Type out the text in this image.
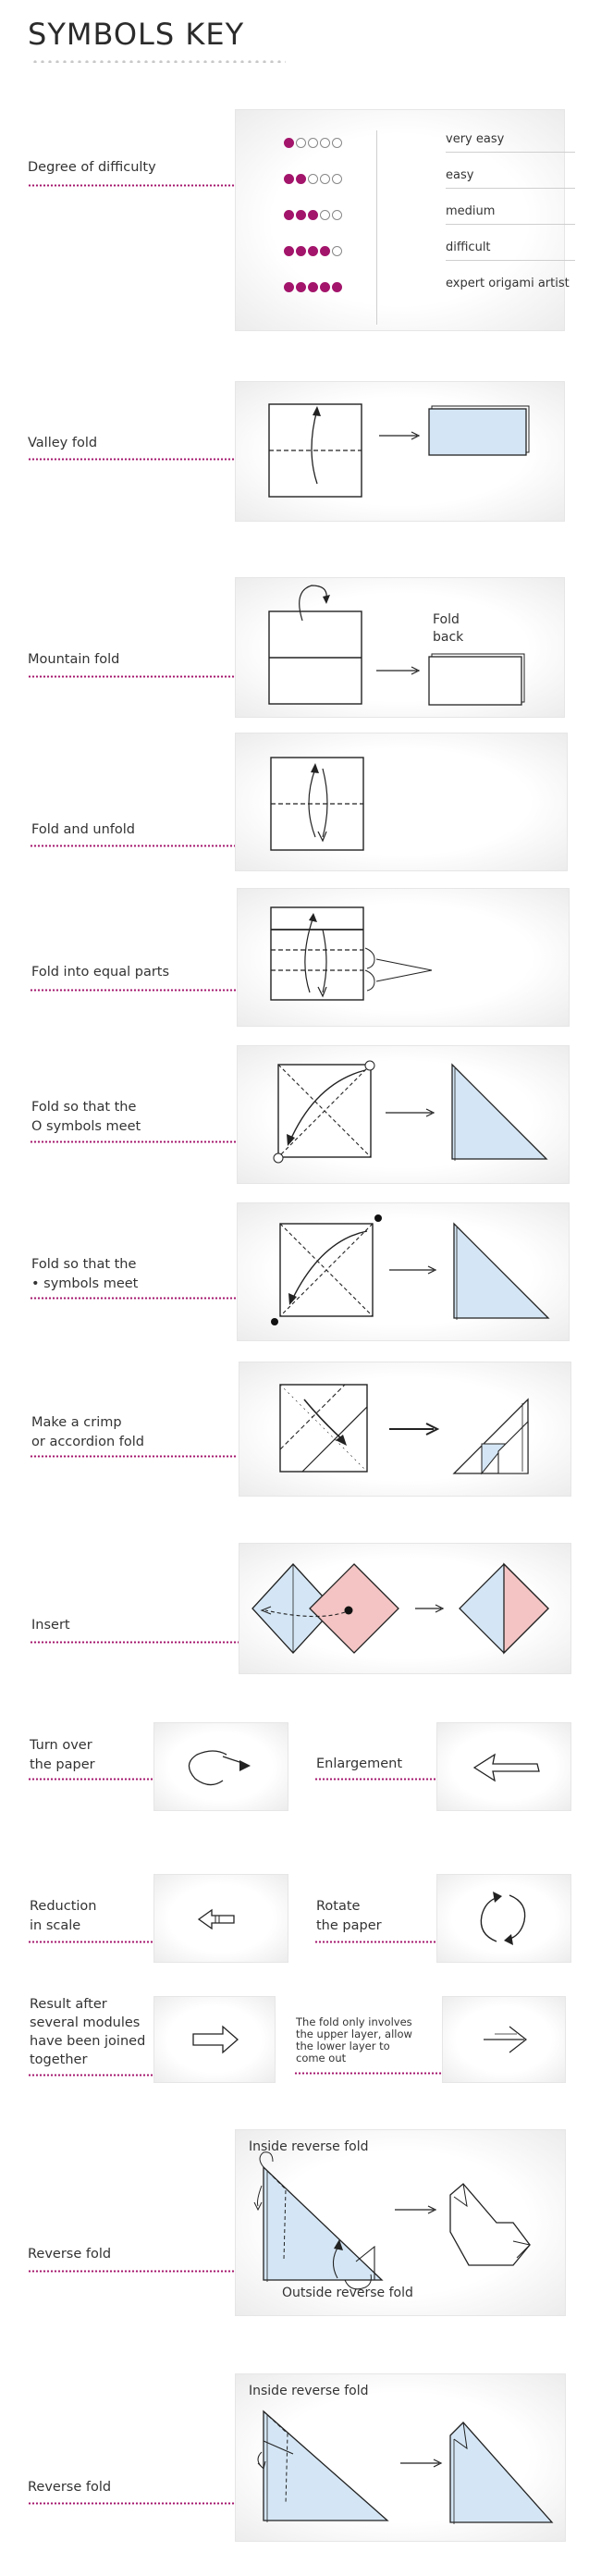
SYMBOLS KEY

Degree of difficulty

very easy
easy
medium
difficult
expert origami artist

Valley fold

Mountain fold

Fold

back

Fold and unfold

Fold into equal parts

Fold so that the

O symbols meet

Fold so that the

• symbols meet

Make a crimp

or accordion fold

Insert

Turn over

the paper	Enlargement

Reduction

in scale

Rotate

the paper

Result after

several modules

have been joined

together

The fold only involves

the upper layer, allow

the lower layer to

come out

Reverse fold

Inside reverse fold

Outside reverse fold

Reverse fold

Inside reverse fold
